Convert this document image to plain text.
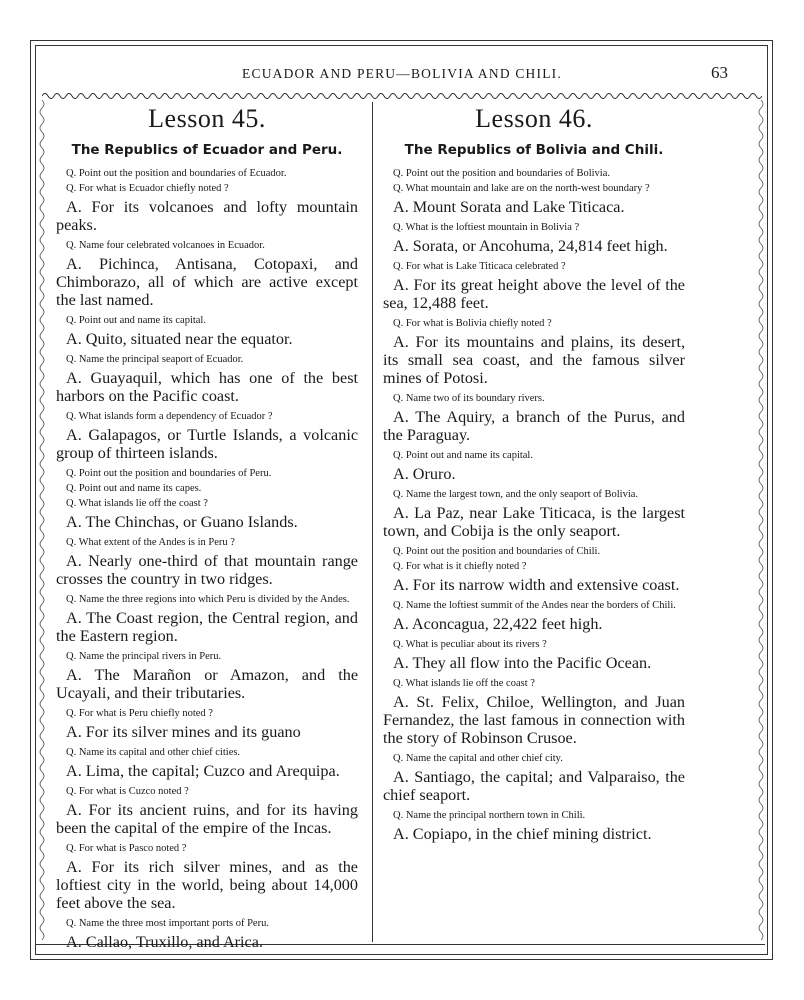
ECUADOR AND PERU—BOLIVIA AND CHILI.	63
Lesson 45.
The Republics of Ecuador and Peru.

Q. Point out the position and boundaries of Ecuador.

Q. For what is Ecuador chiefly noted ?

A. For its volcanoes and lofty mountain peaks.

Q. Name four celebrated volcanoes in Ecuador.

A. Pichinca, Antisana, Cotopaxi, and Chimborazo, all of which are active except the last named.

Q. Point out and name its capital.

A. Quito, situated near the equator.

Q. Name the principal seaport of Ecuador.

A. Guayaquil, which has one of the best harbors on the Pacific coast.

Q. What islands form a dependency of Ecuador ?

A. Galapagos, or Turtle Islands, a volcanic group of thirteen islands.

Q. Point out the position and boundaries of Peru.

Q. Point out and name its capes.

Q. What islands lie off the coast ?

A. The Chinchas, or Guano Islands.

Q. What extent of the Andes is in Peru ?

A. Nearly one-third of that mountain range crosses the country in two ridges.

Q. Name the three regions into which Peru is divided by the Andes.

A. The Coast region, the Central region, and the Eastern region.

Q. Name the principal rivers in Peru.

A. The Marañon or Amazon, and the Ucayali, and their tributaries.

Q. For what is Peru chiefly noted ?

A. For its silver mines and its guano

Q. Name its capital and other chief cities.

A. Lima, the capital; Cuzco and Arequipa.

Q. For what is Cuzco noted ?

A. For its ancient ruins, and for its having been the capital of the empire of the Incas.

Q. For what is Pasco noted ?

A. For its rich silver mines, and as the loftiest city in the world, being about 14,000 feet above the sea.

Q. Name the three most important ports of Peru.

A. Callao, Truxillo, and Arica.

Lesson 46.
The Republics of Bolivia and Chili.

Q. Point out the position and boundaries of Bolivia.

Q. What mountain and lake are on the north-west boundary ?

A. Mount Sorata and Lake Titicaca.

Q. What is the loftiest mountain in Bolivia ?

A. Sorata, or Ancohuma, 24,814 feet high.

Q. For what is Lake Titicaca celebrated ?

A. For its great height above the level of the sea, 12,488 feet.

Q. For what is Bolivia chiefly noted ?

A. For its mountains and plains, its desert, its small sea coast, and the famous silver mines of Potosi.

Q. Name two of its boundary rivers.

A. The Aquiry, a branch of the Purus, and the Paraguay.

Q. Point out and name its capital.

A. Oruro.

Q. Name the largest town, and the only seaport of Bolivia.

A. La Paz, near Lake Titicaca, is the largest town, and Cobija is the only seaport.

Q. Point out the position and boundaries of Chili.

Q. For what is it chiefly noted ?

A. For its narrow width and extensive coast.

Q. Name the loftiest summit of the Andes near the borders of Chili.

A. Aconcagua, 22,422 feet high.

Q. What is peculiar about its rivers ?

A. They all flow into the Pacific Ocean.

Q. What islands lie off the coast ?

A. St. Felix, Chiloe, Wellington, and Juan Fernandez, the last famous in connection with the story of Robinson Crusoe.

Q. Name the capital and other chief city.

A. Santiago, the capital; and Valparaiso, the chief seaport.

Q. Name the principal northern town in Chili.

A. Copiapo, in the chief mining district.
